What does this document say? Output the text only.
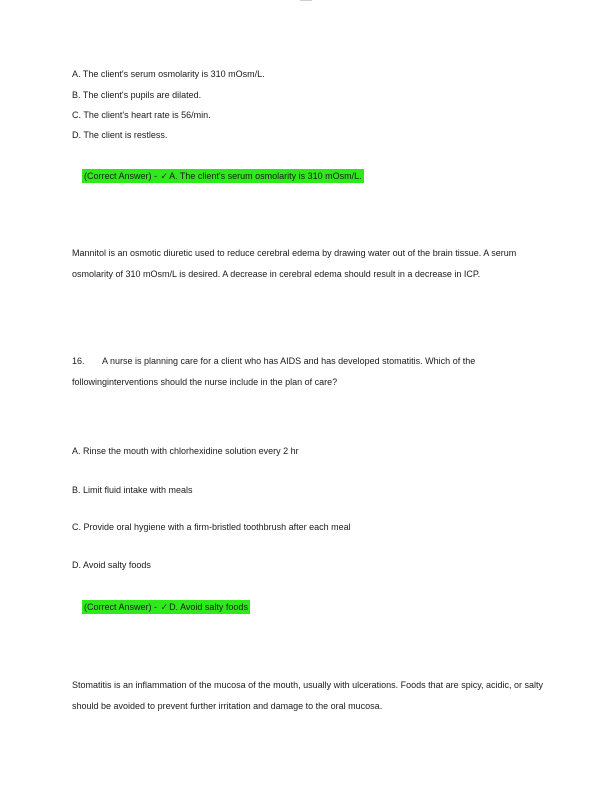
A. The client's serum osmolarity is 310 mOsm/L.
B. The client's pupils are dilated.
C. The client's heart rate is 56/min.
D. The client is restless.
(Correct Answer) - ✓A. The client's serum osmolarity is 310 mOsm/L.
Mannitol is an osmotic diuretic used to reduce cerebral edema by drawing water out of the brain tissue. A serum osmolarity of 310 mOsm/L is desired. A decrease in cerebral edema should result in a decrease in ICP.
16. A nurse is planning care for a client who has AIDS and has developed stomatitis. Which of the followinginterventions should the nurse include in the plan of care?
A. Rinse the mouth with chlorhexidine solution every 2 hr
B. Limit fluid intake with meals
C. Provide oral hygiene with a firm-bristled toothbrush after each meal
D. Avoid salty foods
(Correct Answer) - ✓D. Avoid salty foods
Stomatitis is an inflammation of the mucosa of the mouth, usually with ulcerations. Foods that are spicy, acidic, or salty should be avoided to prevent further irritation and damage to the oral mucosa.
